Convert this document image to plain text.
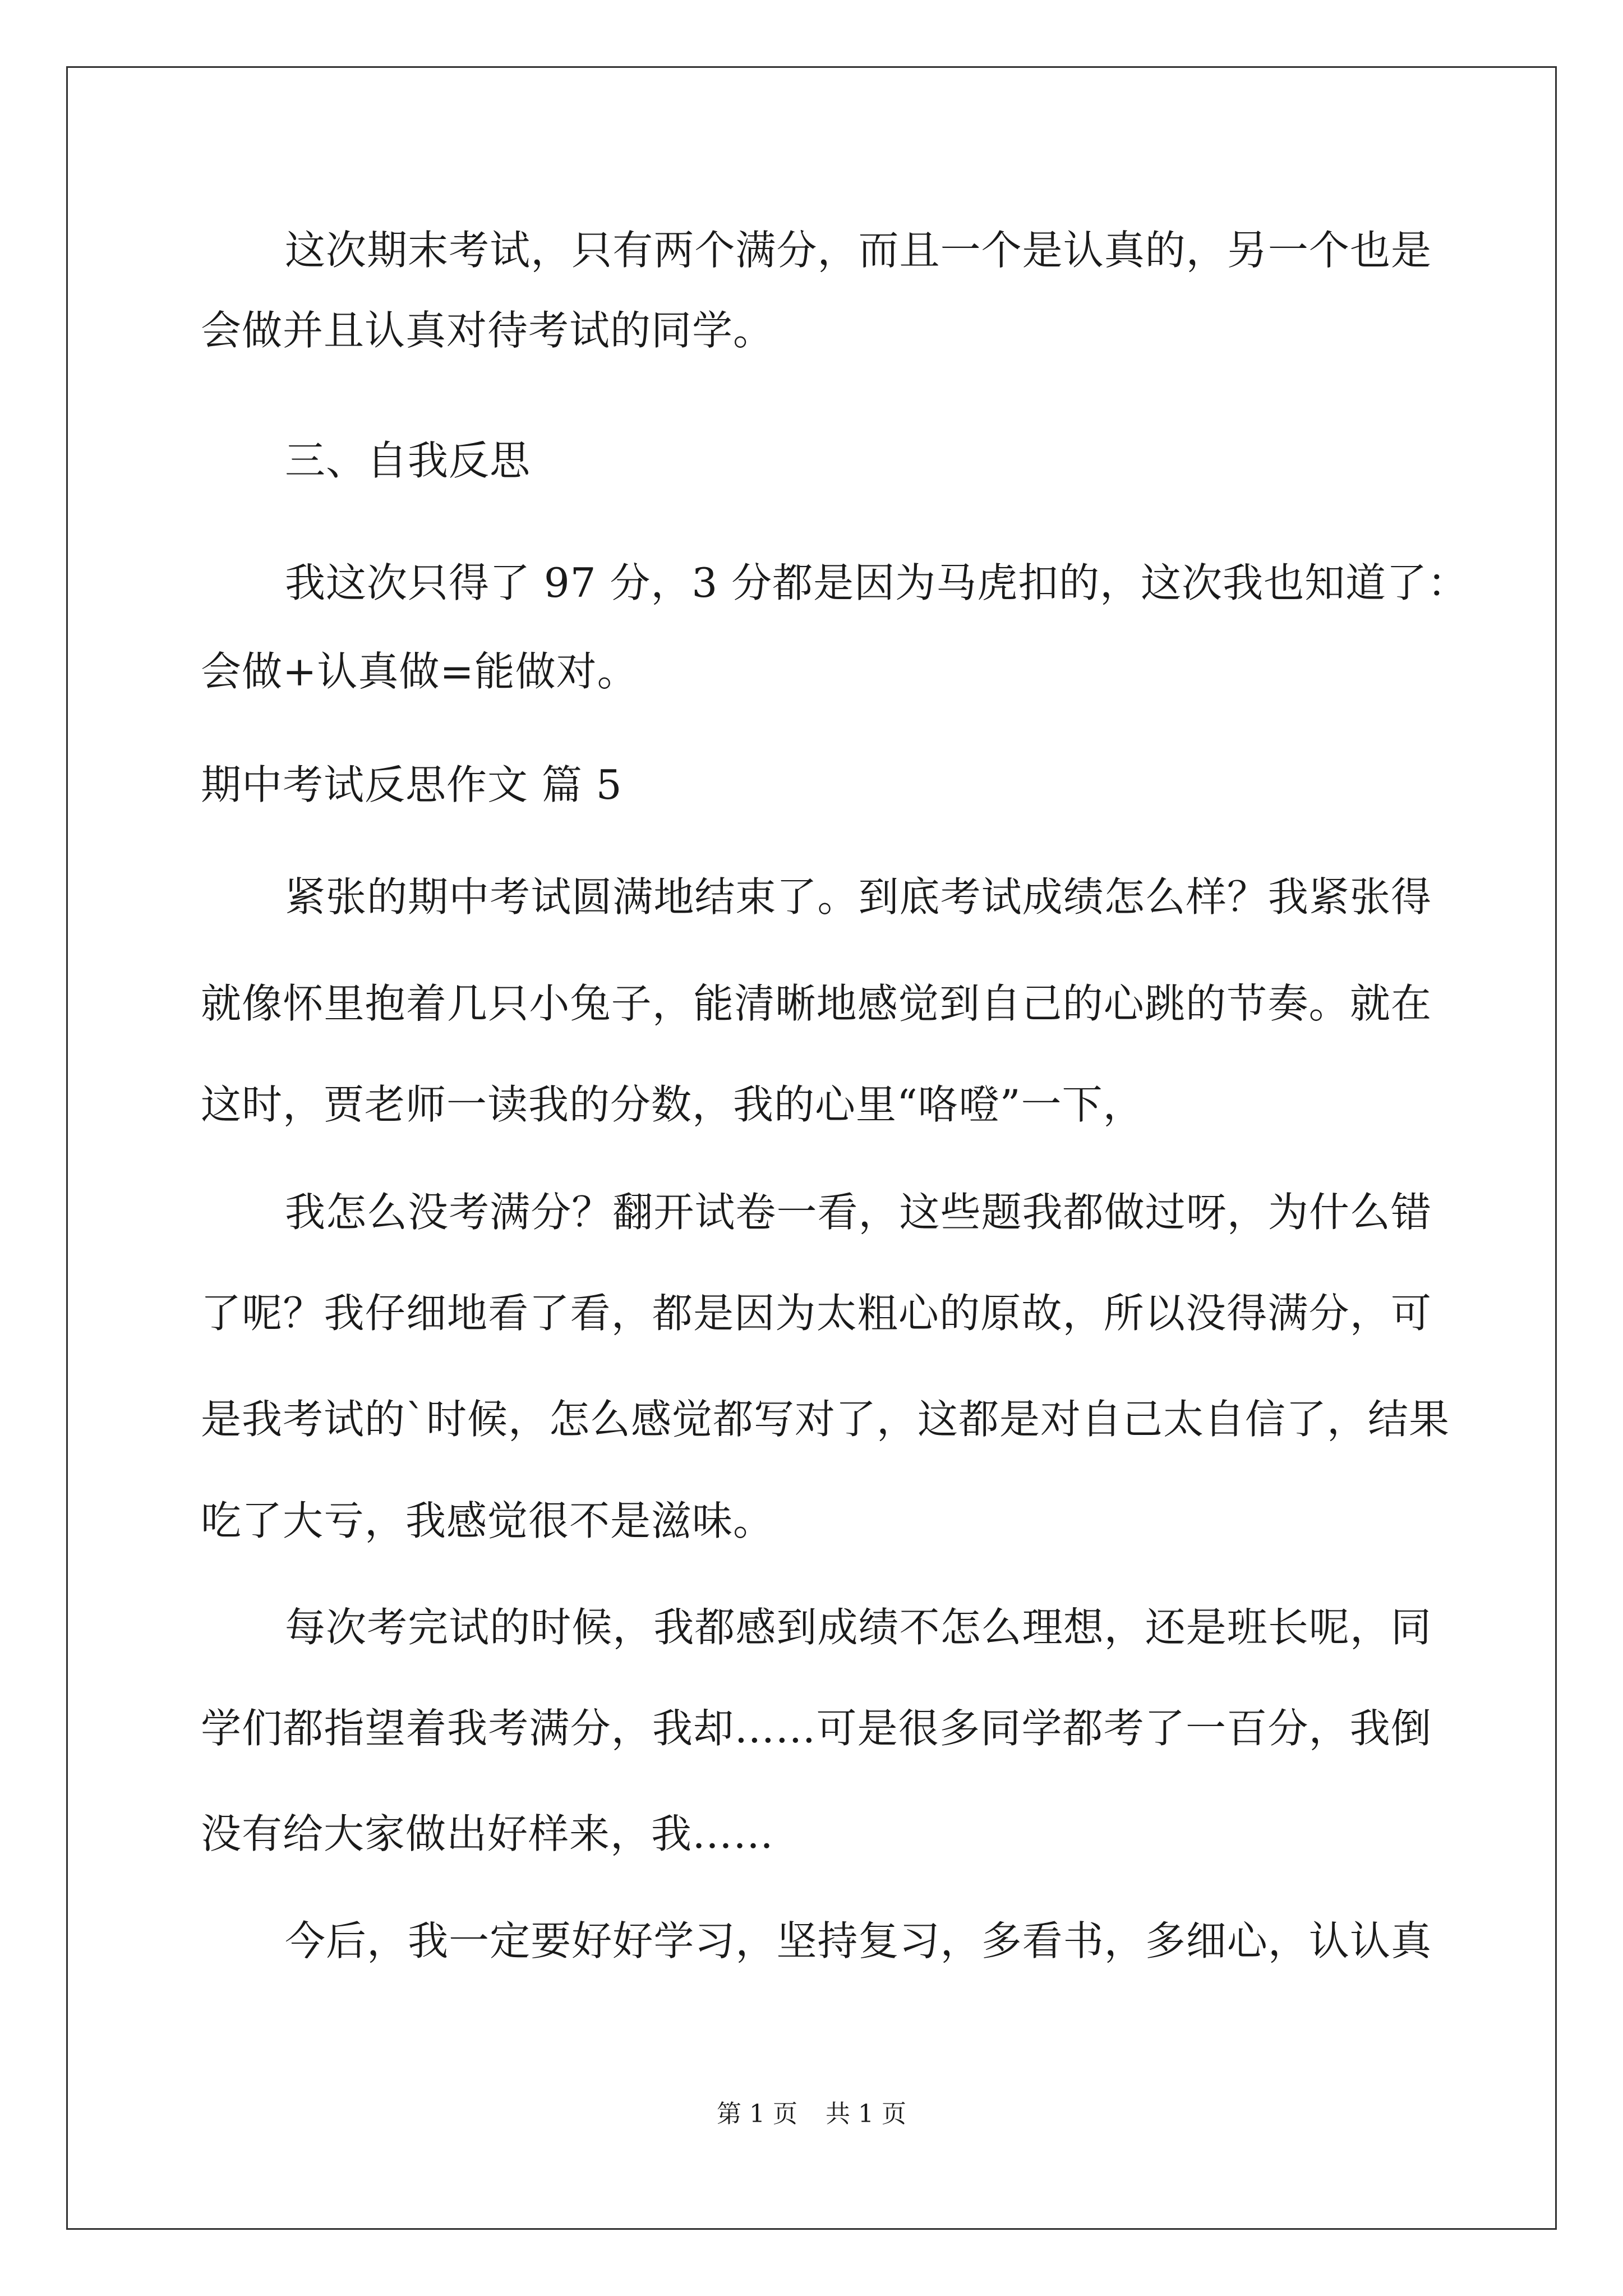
这次期末考试，只有两个满分，而且一个是认真的，另一个也是
会做并且认真对待考试的同学。
三、自我反思
我这次只得了 97 分，3 分都是因为马虎扣的，这次我也知道了：
会做+认真做=能做对。
期中考试反思作文 篇 5
紧张的期中考试圆满地结束了。到底考试成绩怎么样？我紧张得
就像怀里抱着几只小兔子，能清晰地感觉到自己的心跳的节奏。就在
这时，贾老师一读我的分数，我的心里“咯噔”一下，
我怎么没考满分？翻开试卷一看，这些题我都做过呀，为什么错
了呢？我仔细地看了看，都是因为太粗心的原故，所以没得满分，可
是我考试的`时候，怎么感觉都写对了，这都是对自己太自信了，结果
吃了大亏，我感觉很不是滋味。
每次考完试的时候，我都感到成绩不怎么理想，还是班长呢，同
学们都指望着我考满分，我却……可是很多同学都考了一百分，我倒
没有给大家做出好样来，我……
今后，我一定要好好学习，坚持复习，多看书，多细心，认认真
第 1 页 共 1 页
